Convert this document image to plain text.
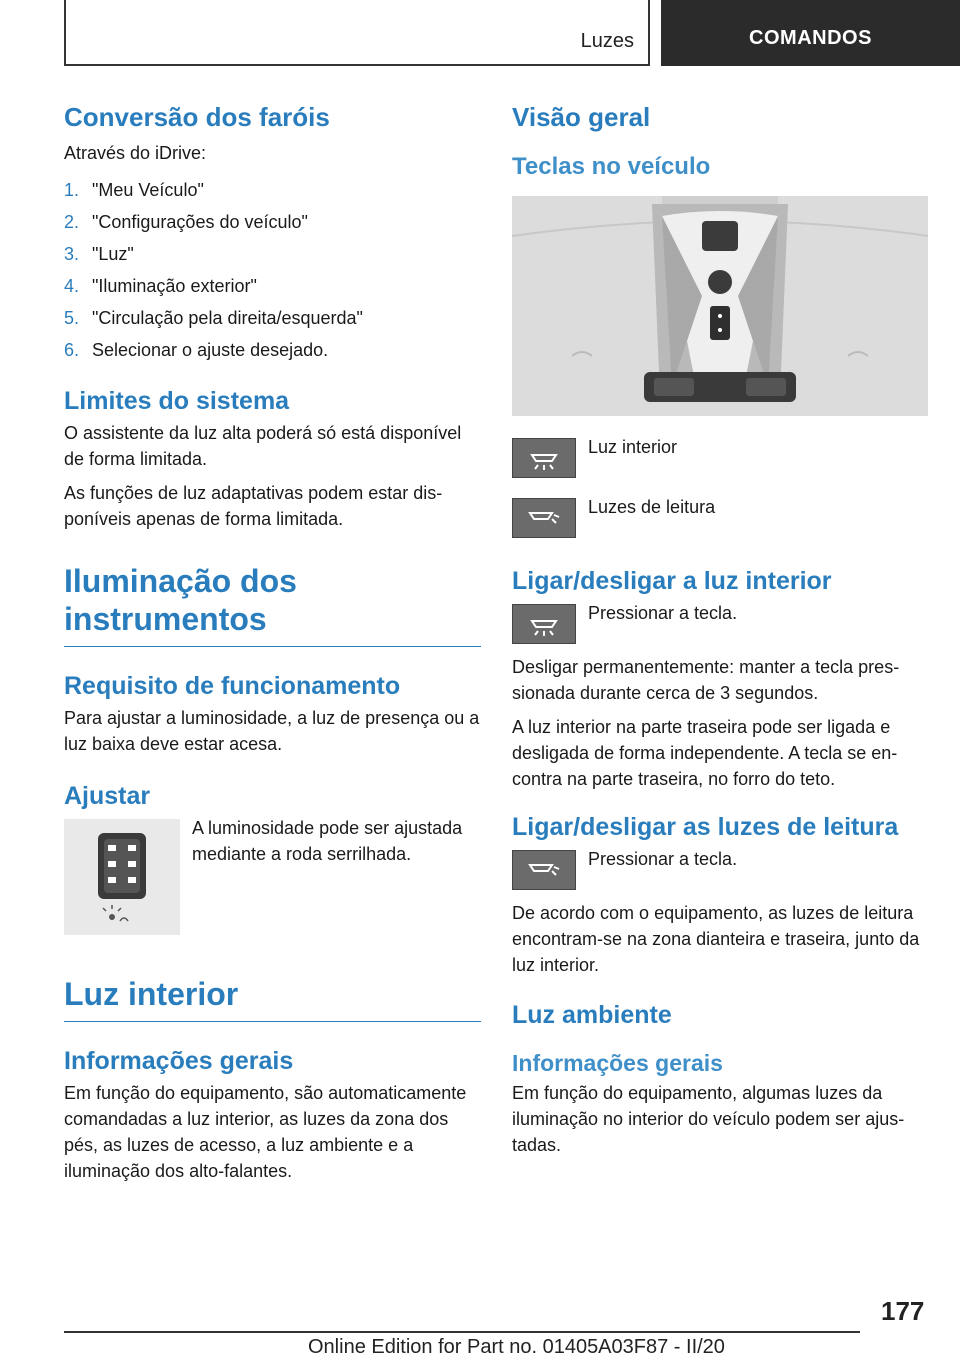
Luzes	COMANDOS
Conversão dos faróis

Através do iDrive:

1. "Meu Veículo"
2. "Configurações do veículo"
3. "Luz"
4. "Iluminação exterior"
5. "Circulação pela direita/esquerda"
6. Selecionar o ajuste desejado.
Limites do sistema

O assistente da luz alta poderá só está disponível de forma limitada.

As funções de luz adaptativas podem estar disponíveis apenas de forma limitada.

Iluminação dos instrumentos
Requisito de funcionamento

Para ajustar a luminosidade, a luz de presença ou a luz baixa deve estar acesa.

Ajustar

A luminosidade pode ser ajustada mediante a roda serrilhada.

Luz interior
Informações gerais

Em função do equipamento, são automaticamente comandadas a luz interior, as luzes da zona dos pés, as luzes de acesso, a luz ambiente e a iluminação dos alto-falantes.

Visão geral
Teclas no veículo

Luz interior

Luzes de leitura

Ligar/desligar a luz interior

Pressionar a tecla.

Desligar permanentemente: manter a tecla pressionada durante cerca de 3 segundos.

A luz interior na parte traseira pode ser ligada e desligada de forma independente. A tecla se encontra na parte traseira, no forro do teto.

Ligar/desligar as luzes de leitura

Pressionar a tecla.

De acordo com o equipamento, as luzes de leitura encontram-se na zona dianteira e traseira, junto da luz interior.

Luz ambiente
Informações gerais

Em função do equipamento, algumas luzes da iluminação no interior do veículo podem ser ajustadas.

177
Online Edition for Part no. 01405A03F87 - II/20
